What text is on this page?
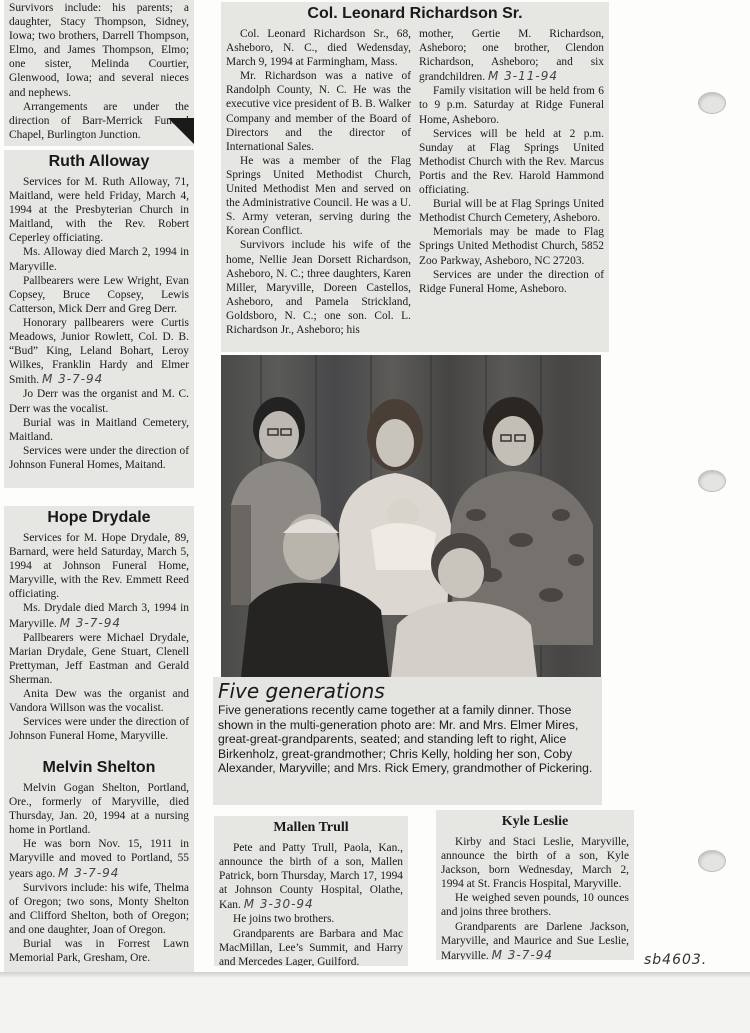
Survivors include: his parents; a daughter, Stacy Thompson, Sidney, Iowa; two brothers, Darrell Thompson, Elmo, and James Thompson, Elmo; one sister, Melinda Courtier, Glenwood, Iowa; and several nieces and nephews.

Arrangements are under the direction of Barr-Merrick Funeral Chapel, Burlington Junction.

Ruth Alloway

Services for M. Ruth Alloway, 71, Maitland, were held Friday, March 4, 1994 at the Presbyterian Church in Maitland, with the Rev. Robert Ceperley officiating.

Ms. Alloway died March 2, 1994 in Maryville.

Pallbearers were Lew Wright, Evan Copsey, Bruce Copsey, Lewis Catterson, Mick Derr and Greg Derr.

Honorary pallbearers were Curtis Meadows, Junior Rowlett, Col. D. B. “Bud” King, Leland Bohart, Leroy Wilkes, Franklin Hardy and Elmer Smith. M 3-7-94

Jo Derr was the organist and M. C. Derr was the vocalist.

Burial was in Maitland Cemetery, Maitland.

Services were under the direction of Johnson Funeral Homes, Maitand.

Hope Drydale

Services for M. Hope Drydale, 89, Barnard, were held Saturday, March 5, 1994 at Johnson Funeral Home, Maryville, with the Rev. Emmett Reed officiating.

Ms. Drydale died March 3, 1994 in Maryville. M 3-7-94

Pallbearers were Michael Drydale, Marian Drydale, Gene Stuart, Clenell Prettyman, Jeff Eastman and Gerald Sherman.

Anita Dew was the organist and Vandora Willson was the vocalist.

Services were under the direction of Johnson Funeral Home, Maryville.

Melvin Shelton

Melvin Gogan Shelton, Portland, Ore., formerly of Maryville, died Thursday, Jan. 20, 1994 at a nursing home in Portland.

He was born Nov. 15, 1911 in Maryville and moved to Portland, 55 years ago. M 3-7-94

Survivors include: his wife, Thelma of Oregon; two sons, Monty Shelton and Clifford Shelton, both of Oregon; and one daughter, Joan of Oregon.

Burial was in Forrest Lawn Memorial Park, Gresham, Ore.

Col. Leonard Richardson Sr.

Col. Leonard Richardson Sr., 68, Asheboro, N. C., died Wedensday, March 9, 1994 at Farmingham, Mass.

Mr. Richardson was a native of Randolph County, N. C. He was the executive vice president of B. B. Walker Company and member of the Board of Directors and the director of International Sales.

He was a member of the Flag Springs United Methodist Church, United Methodist Men and served on the Administrative Council. He was a U. S. Army veteran, serving during the Korean Conflict.

Survivors include his wife of the home, Nellie Jean Dorsett Richardson, Asheboro, N. C.; three daughters, Karen Miller, Maryville, Doreen Castellos, Asheboro, and Pamela Strickland, Goldsboro, N. C.; one son. Col. L. Richardson Jr., Asheboro; his

mother, Gertie M. Richardson, Asheboro; one brother, Clendon Richardson, Asheboro; and six grandchildren. M 3-11-94

Family visitation will be held from 6 to 9 p.m. Saturday at Ridge Funeral Home, Asheboro.

Services will be held at 2 p.m. Sunday at Flag Springs United Methodist Church with the Rev. Marcus Portis and the Rev. Harold Hammond officiating.

Burial will be at Flag Springs United Methodist Church Cemetery, Asheboro.

Memorials may be made to Flag Springs United Methodist Church, 5852 Zoo Parkway, Asheboro, NC 27203.

Services are under the direction of Ridge Funeral Home, Asheboro.

Five generations
Five generations recently came together at a family dinner. Those shown in the multi-generation photo are: Mr. and Mrs. Elmer Mires, great-great-grandparents, seated; and standing left to right, Alice Birkenholz, great-grandmother; Chris Kelly, holding her son, Coby Alexander, Maryville; and Mrs. Rick Emery, grandmother of Pickering.

Mallen Trull

Pete and Patty Trull, Paola, Kan., announce the birth of a son, Mallen Patrick, born Thursday, March 17, 1994 at Johnson County Hospital, Olathe, Kan. M 3-30-94

He joins two brothers.

Grandparents are Barbara and Mac MacMillan, Lee’s Summit, and Harry and Mercedes Lager, Guilford.

Kyle Leslie

Kirby and Staci Leslie, Maryville, announce the birth of a son, Kyle Jackson, born Wednesday, March 2, 1994 at St. Francis Hospital, Maryville.

He weighed seven pounds, 10 ounces and joins three brothers.

Grandparents are Darlene Jackson, Maryville, and Maurice and Sue Leslie, Maryville. M 3-7-94	sb4603.
